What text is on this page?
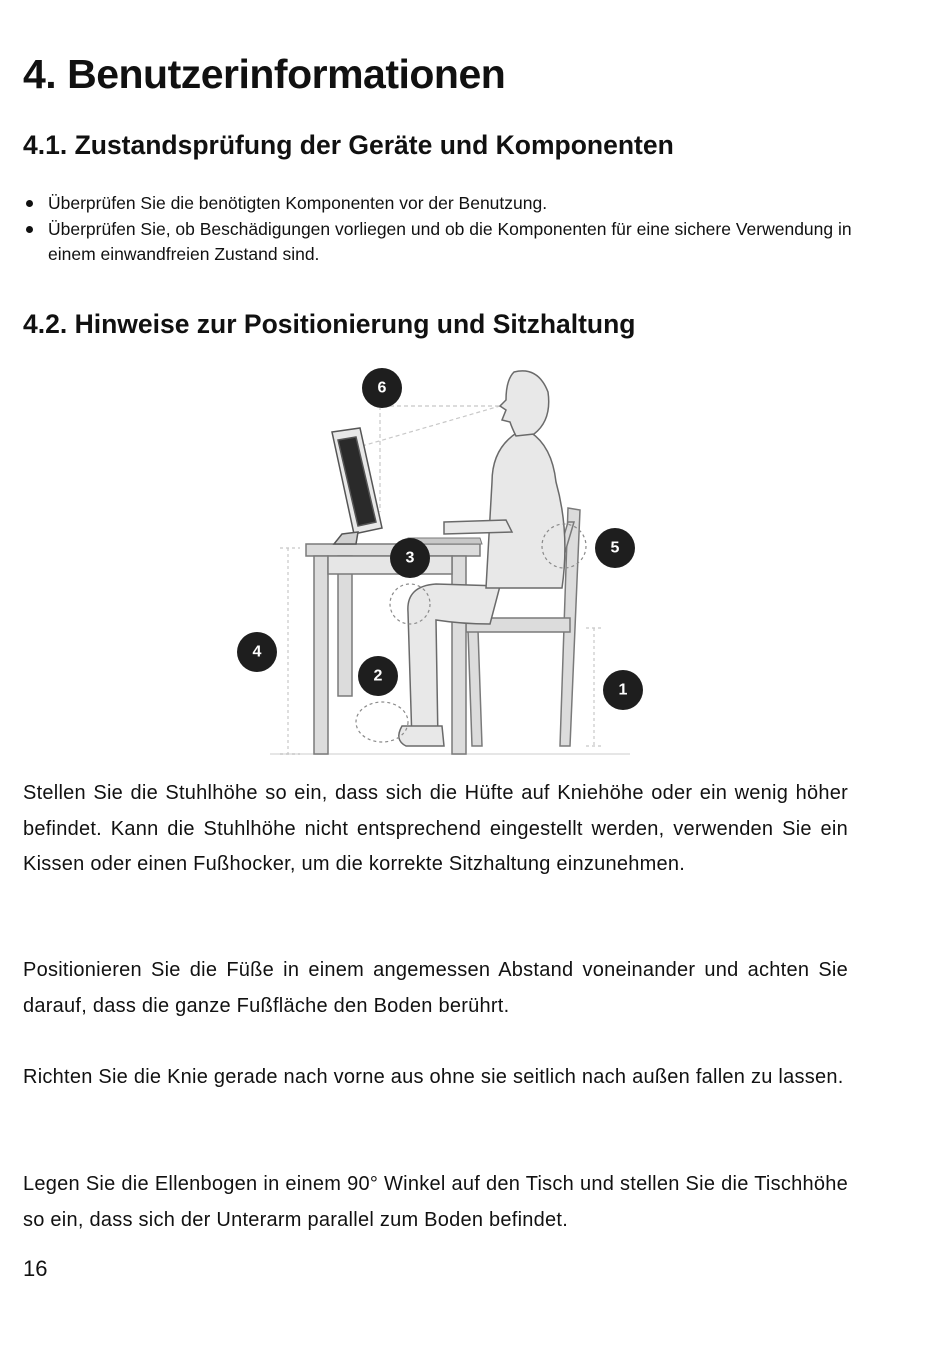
4. Benutzerinformationen
4.1. Zustandsprüfung der Geräte und Komponenten
Überprüfen Sie die benötigten Komponenten vor der Benutzung.
Überprüfen Sie, ob Beschädigungen vorliegen und ob die Komponenten für eine sichere Verwendung in einem einwandfreien Zustand sind.
4.2. Hinweise zur Positionierung und Sitzhaltung
6
3
5
4
2
1

Stellen Sie die Stuhlhöhe so ein, dass sich die Hüfte auf Kniehöhe oder ein wenig höher befindet. Kann die Stuhlhöhe nicht entsprechend eingestellt werden, verwenden Sie ein Kissen oder einen Fußhocker, um die korrekte Sitzhaltung einzunehmen.

Positionieren Sie die Füße in einem angemessen Abstand voneinander und achten Sie darauf, dass die ganze Fußfläche den Boden berührt.

Richten Sie die Knie gerade nach vorne aus ohne sie seitlich nach außen fallen zu lassen.

Legen Sie die Ellenbogen in einem 90° Winkel auf den Tisch und stellen Sie die Tischhöhe so ein, dass sich der Unterarm parallel zum Boden befindet.

16
